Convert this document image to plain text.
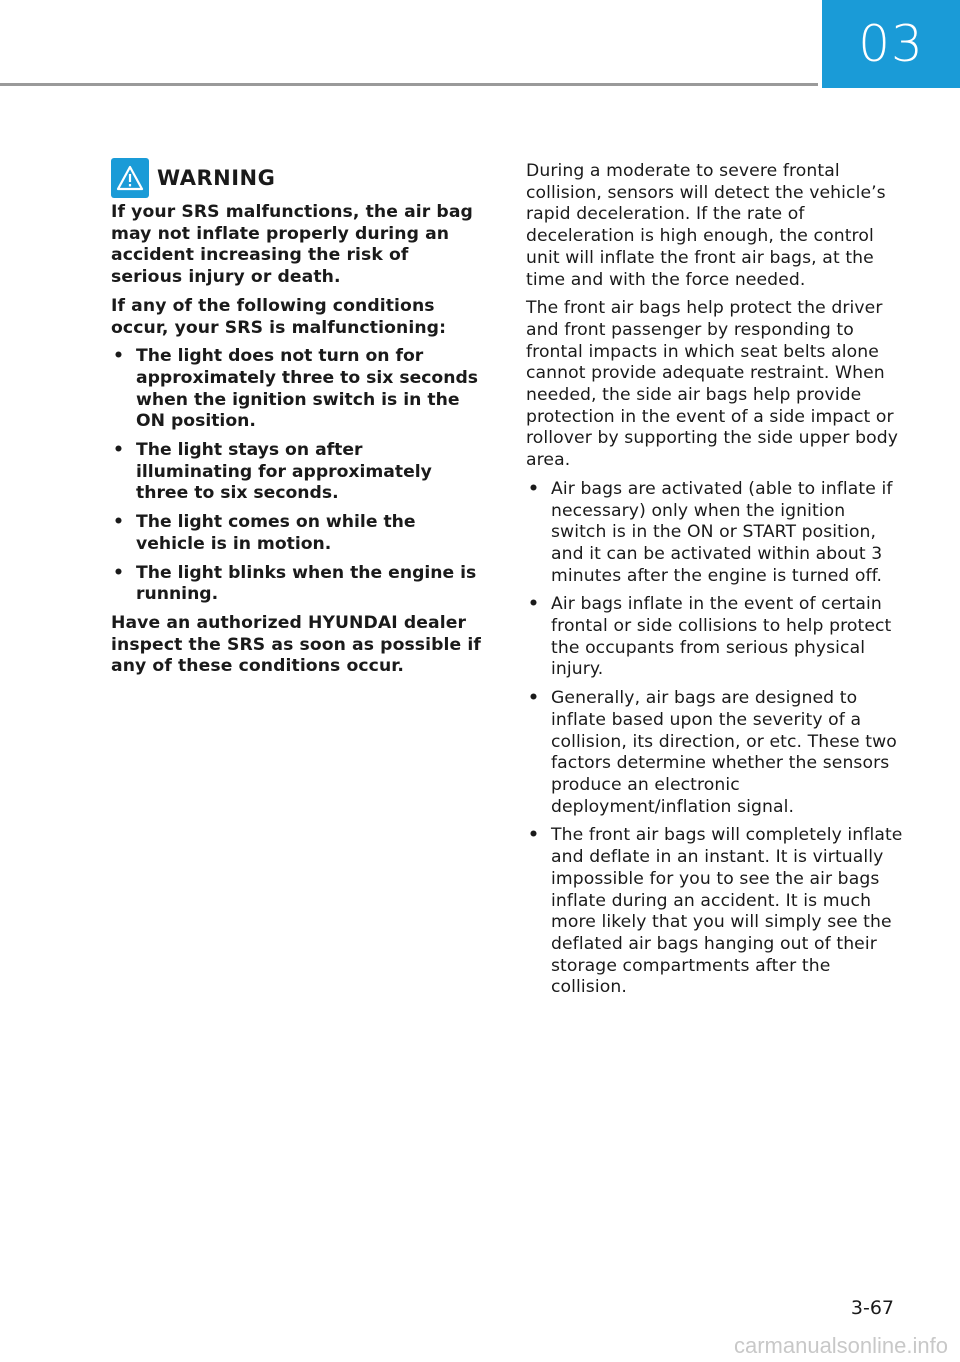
03
WARNING

If your SRS malfunctions, the air bag may not inflate properly during an accident increasing the risk of serious injury or death.

If any of the following conditions occur, your SRS is malfunctioning:

• The light does not turn on for approximately three to six seconds when the ignition switch is in the ON position.
• The light stays on after illuminating for approximately three to six seconds.
• The light comes on while the vehicle is in motion.
• The light blinks when the engine is running.

Have an authorized HYUNDAI dealer inspect the SRS as soon as possible if any of these conditions occur.

During a moderate to severe frontal collision, sensors will detect the vehicle’s rapid deceleration. If the rate of deceleration is high enough, the control unit will inflate the front air bags, at the time and with the force needed.

The front air bags help protect the driver and front passenger by responding to frontal impacts in which seat belts alone cannot provide adequate restraint. When needed, the side air bags help provide protection in the event of a side impact or rollover by supporting the side upper body area.

• Air bags are activated (able to inflate if necessary) only when the ignition switch is in the ON or START position, and it can be activated within about 3 minutes after the engine is turned off.
• Air bags inflate in the event of certain frontal or side collisions to help protect the occupants from serious physical injury.
• Generally, air bags are designed to inflate based upon the severity of a collision, its direction, or etc. These two factors determine whether the sensors produce an electronic deployment/inflation signal.
• The front air bags will completely inflate and deflate in an instant. It is virtually impossible for you to see the air bags inflate during an accident. It is much more likely that you will simply see the deflated air bags hanging out of their storage compartments after the collision.
3-67
carmanualsonline.info
